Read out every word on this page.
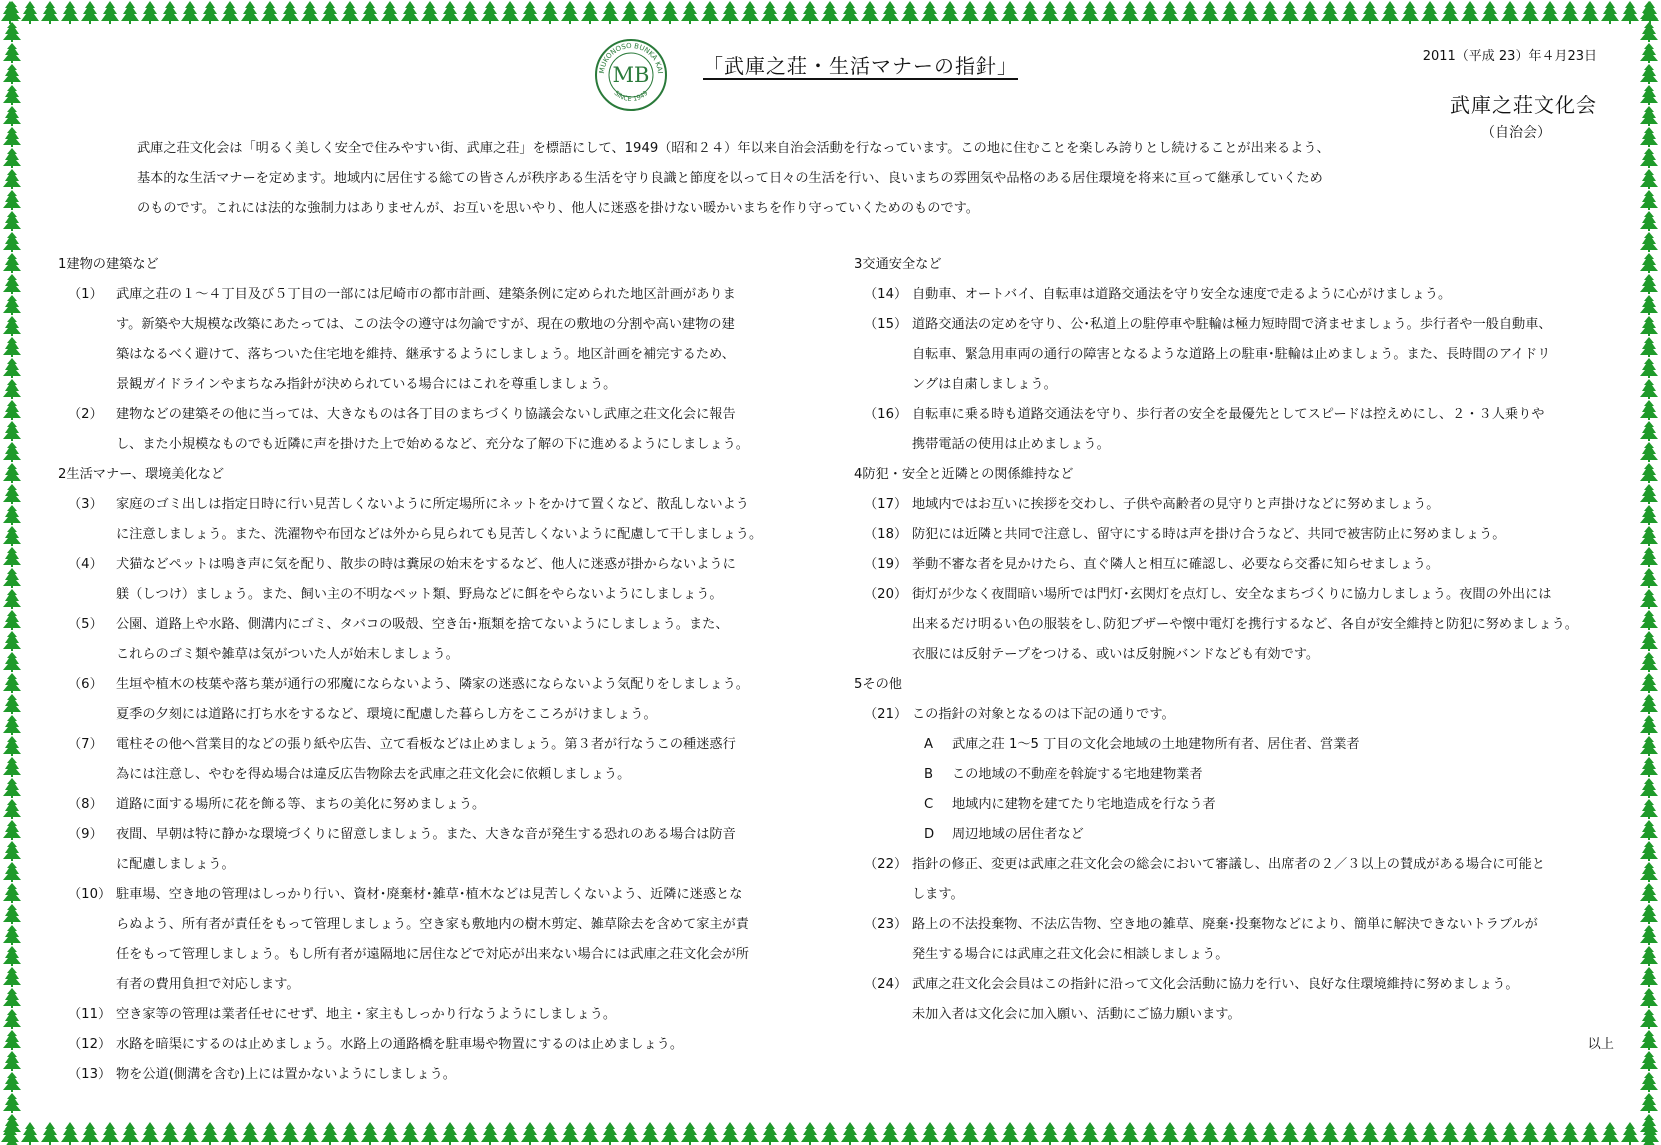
MUKONOSO BUNKA KAI
SINCE 1949
MB	「武庫之荘・生活マナーの指針」	2011（平成 23）年４月23日
武庫之荘文化会
（自治会）
武庫之荘文化会は「明るく美しく安全で住みやすい街、武庫之荘」を標語にして、1949（昭和２４）年以来自治会活動を行なっています。この地に住むことを楽しみ誇りとし続けることが出来るよう、
基本的な生活マナーを定めます。地域内に居住する総ての皆さんが秩序ある生活を守り良識と節度を以って日々の生活を行い、良いまちの雰囲気や品格のある居住環境を将来に亘って継承していくため
のものです。これには法的な強制力はありませんが、お互いを思いやり、他人に迷惑を掛けない暖かいまちを作り守っていくためのものです。
1建物の建築など
（1） 武庫之荘の１～４丁目及び５丁目の一部には尼崎市の都市計画、建築条例に定められた地区計画がありま
す。新築や大規模な改築にあたっては、この法令の遵守は勿論ですが、現在の敷地の分割や高い建物の建
築はなるべく避けて、落ちついた住宅地を維持、継承するようにしましょう。地区計画を補完するため、
景観ガイドラインやまちなみ指針が決められている場合にはこれを尊重しましょう。
（2） 建物などの建築その他に当っては、大きなものは各丁目のまちづくり協議会ないし武庫之荘文化会に報告
し、また小規模なものでも近隣に声を掛けた上で始めるなど、充分な了解の下に進めるようにしましょう。
2生活マナー、環境美化など
（3） 家庭のゴミ出しは指定日時に行い見苦しくないように所定場所にネットをかけて置くなど、散乱しないよう
に注意しましょう。また、洗濯物や布団などは外から見られても見苦しくないように配慮して干しましょう。
（4） 犬猫などペットは鳴き声に気を配り、散歩の時は糞尿の始末をするなど、他人に迷惑が掛からないように
躾（しつけ）ましょう。また、飼い主の不明なペット類、野鳥などに餌をやらないようにしましょう。
（5） 公園、道路上や水路、側溝内にゴミ、タバコの吸殻、空き缶･瓶類を捨てないようにしましょう。また、
これらのゴミ類や雑草は気がついた人が始末しましょう。
（6） 生垣や植木の枝葉や落ち葉が通行の邪魔にならないよう、隣家の迷惑にならないよう気配りをしましょう。
夏季の夕刻には道路に打ち水をするなど、環境に配慮した暮らし方をこころがけましょう。
（7） 電柱その他へ営業目的などの張り紙や広告、立て看板などは止めましょう。第３者が行なうこの種迷惑行
為には注意し、やむを得ぬ場合は違反広告物除去を武庫之荘文化会に依頼しましょう。
（8） 道路に面する場所に花を飾る等、まちの美化に努めましょう。
（9） 夜間、早朝は特に静かな環境づくりに留意しましょう。また、大きな音が発生する恐れのある場合は防音
に配慮しましょう。
（10） 駐車場、空き地の管理はしっかり行い、資材･廃棄材･雑草･植木などは見苦しくないよう、近隣に迷惑とな
らぬよう、所有者が責任をもって管理しましょう。空き家も敷地内の樹木剪定、雑草除去を含めて家主が責
任をもって管理しましょう。もし所有者が遠隔地に居住などで対応が出来ない場合には武庫之荘文化会が所
有者の費用負担で対応します。
（11） 空き家等の管理は業者任せにせず、地主・家主もしっかり行なうようにしましょう。
（12） 水路を暗渠にするのは止めましょう。水路上の通路橋を駐車場や物置にするのは止めましょう。
（13） 物を公道(側溝を含む)上には置かないようにしましょう。
3交通安全など
（14） 自動車、オートバイ、自転車は道路交通法を守り安全な速度で走るように心がけましょう。
（15） 道路交通法の定めを守り、公･私道上の駐停車や駐輪は極力短時間で済ませましょう。歩行者や一般自動車、
自転車、緊急用車両の通行の障害となるような道路上の駐車･駐輪は止めましょう。また、長時間のアイドリ
ングは自粛しましょう。
（16） 自転車に乗る時も道路交通法を守り、歩行者の安全を最優先としてスピードは控えめにし、２・３人乗りや
携帯電話の使用は止めましょう。
4防犯・安全と近隣との関係維持など
（17） 地域内ではお互いに挨拶を交わし、子供や高齢者の見守りと声掛けなどに努めましょう。
（18） 防犯には近隣と共同で注意し、留守にする時は声を掛け合うなど、共同で被害防止に努めましょう。
（19） 挙動不審な者を見かけたら、直ぐ隣人と相互に確認し、必要なら交番に知らせましょう。
（20） 街灯が少なく夜間暗い場所では門灯･玄関灯を点灯し、安全なまちづくりに協力しましょう。夜間の外出には
出来るだけ明るい色の服装をし､防犯ブザーや懐中電灯を携行するなど、各自が安全維持と防犯に努めましょう。
衣服には反射テープをつける、或いは反射腕バンドなども有効です。
5その他
（21） この指針の対象となるのは下記の通りです。
A 武庫之荘 1～5 丁目の文化会地域の土地建物所有者、居住者、営業者
B この地域の不動産を斡旋する宅地建物業者
C 地域内に建物を建てたり宅地造成を行なう者
D 周辺地域の居住者など
（22） 指針の修正、変更は武庫之荘文化会の総会において審議し、出席者の２／３以上の賛成がある場合に可能と
します。
（23） 路上の不法投棄物、不法広告物、空き地の雑草、廃棄･投棄物などにより、簡単に解決できないトラブルが
発生する場合には武庫之荘文化会に相談しましょう。
（24） 武庫之荘文化会会員はこの指針に沿って文化会活動に協力を行い、良好な住環境維持に努めましょう。
未加入者は文化会に加入願い、活動にご協力願います。
以上
